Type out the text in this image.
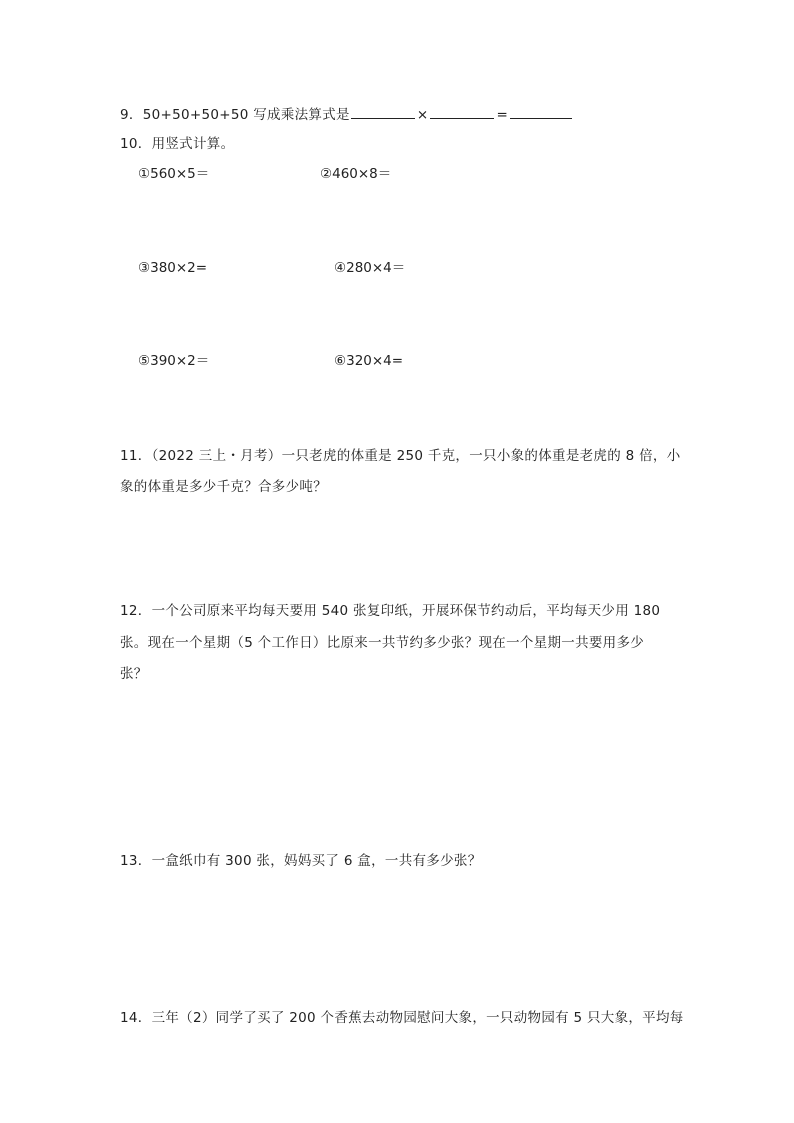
9．50+50+50+50 写成乘法算式是	×	=
10．用竖式计算。
①560×5＝	②460×8＝
③380×2=	④280×4＝
⑤390×2＝	⑥320×4=
11．（2022 三上・月考）一只老虎的体重是 250 千克，一只小象的体重是老虎的 8 倍，小
象的体重是多少千克？合多少吨？
12．一个公司原来平均每天要用 540 张复印纸，开展环保节约动后，平均每天少用 180
张。现在一个星期（5 个工作日）比原来一共节约多少张？现在一个星期一共要用多少
张？
13．一盒纸巾有 300 张，妈妈买了 6 盒，一共有多少张？
14．三年（2）同学了买了 200 个香蕉去动物园慰问大象，一只动物园有 5 只大象，平均每
